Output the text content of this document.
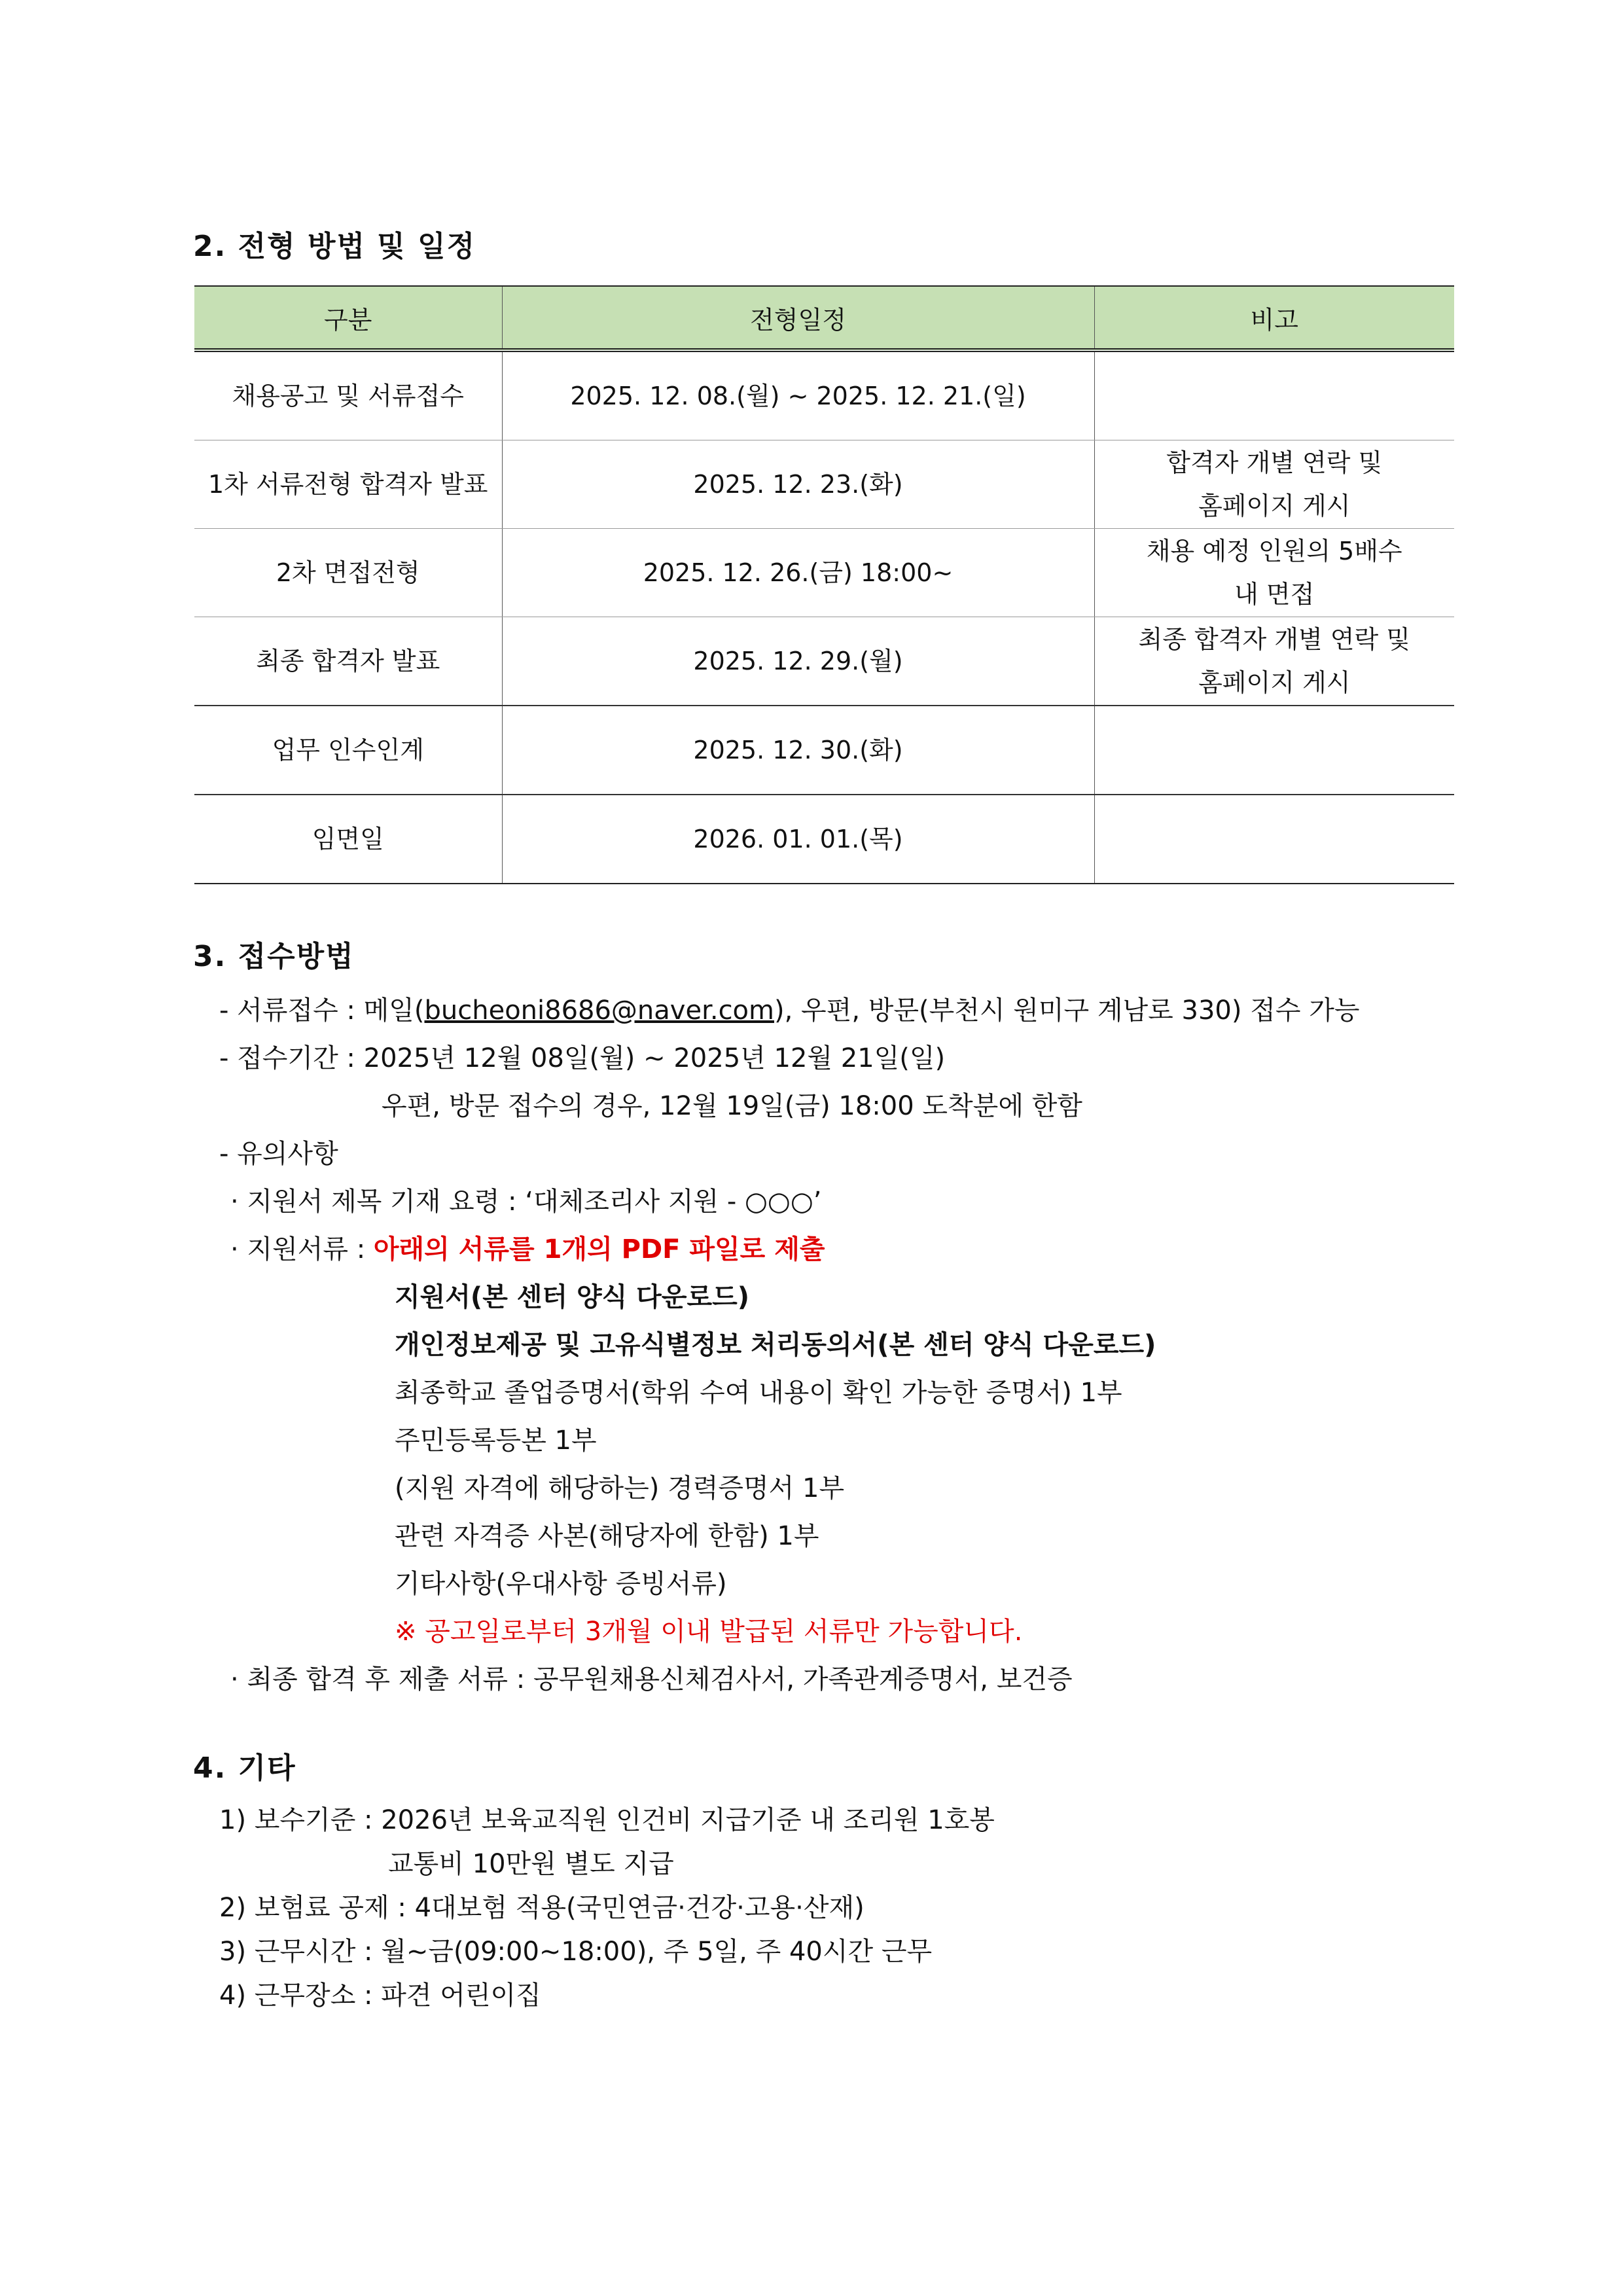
2. 전형 방법 및 일정
구분	전형일정	비고
채용공고 및 서류접수	2025. 12. 08.(월) ~ 2025. 12. 21.(일)	
1차 서류전형 합격자 발표	2025. 12. 23.(화)	합격자 개별 연락 및
홈페이지 게시
2차 면접전형	2025. 12. 26.(금) 18:00~	채용 예정 인원의 5배수
내 면접
최종 합격자 발표	2025. 12. 29.(월)	최종 합격자 개별 연락 및
홈페이지 게시
업무 인수인계	2025. 12. 30.(화)	
임면일	2026. 01. 01.(목)	
3. 접수방법
- 서류접수 : 메일(bucheoni8686@naver.com), 우편, 방문(부천시 원미구 계남로 330) 접수 가능
- 접수기간 : 2025년 12월 08일(월) ~ 2025년 12월 21일(일)
우편, 방문 접수의 경우, 12월 19일(금) 18:00 도착분에 한함
- 유의사항
· 지원서 제목 기재 요령 : ‘대체조리사 지원 - ○○○’
· 지원서류 : 아래의 서류를 1개의 PDF 파일로 제출
지원서(본 센터 양식 다운로드)
개인정보제공 및 고유식별정보 처리동의서(본 센터 양식 다운로드)
최종학교 졸업증명서(학위 수여 내용이 확인 가능한 증명서) 1부
주민등록등본 1부
(지원 자격에 해당하는) 경력증명서 1부
관련 자격증 사본(해당자에 한함) 1부
기타사항(우대사항 증빙서류)
※ 공고일로부터 3개월 이내 발급된 서류만 가능합니다.
· 최종 합격 후 제출 서류 : 공무원채용신체검사서, 가족관계증명서, 보건증
4. 기타
1) 보수기준 : 2026년 보육교직원 인건비 지급기준 내 조리원 1호봉
교통비 10만원 별도 지급
2) 보험료 공제 : 4대보험 적용(국민연금·건강·고용·산재)
3) 근무시간 : 월~금(09:00~18:00), 주 5일, 주 40시간 근무
4) 근무장소 : 파견 어린이집
